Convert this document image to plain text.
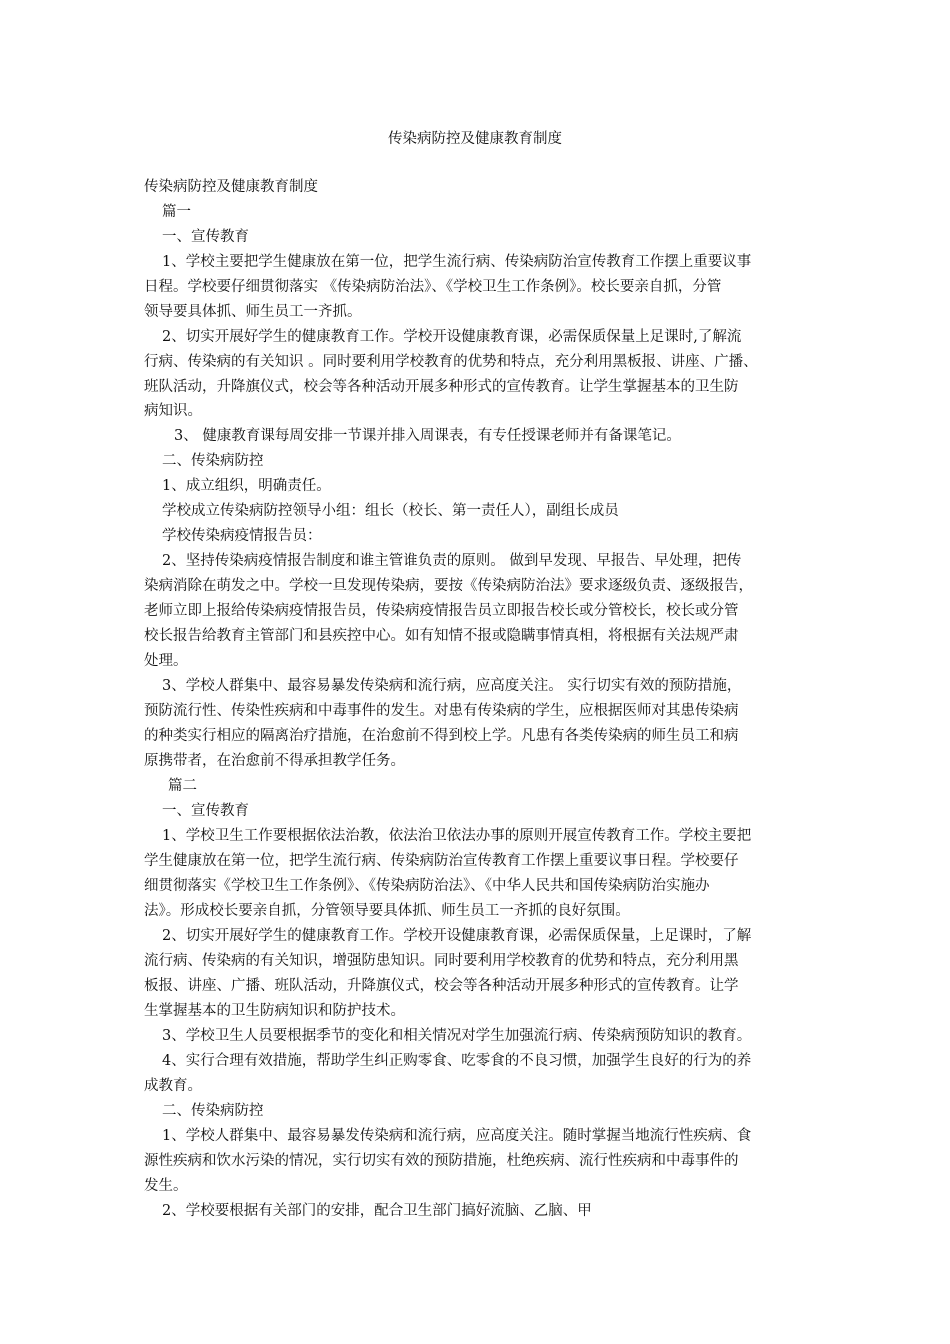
传染病防控及健康教育制度
传染病防控及健康教育制度
篇一
一、宣传教育
1、学校主要把学生健康放在第一位，把学生流行病、传染病防治宣传教育工作摆上重要议事
日程。学校要仔细贯彻落实 《传染病防治法》、《学校卫生工作条例》。校长要亲自抓，分管
领导要具体抓、师生员工一齐抓。
2、切实开展好学生的健康教育工作。学校开设健康教育课，必需保质保量上足课时,了解流
行病、传染病的有关知识 。同时要利用学校教育的优势和特点，充分利用黑板报、讲座、广播、
班队活动，升降旗仪式，校会等各种活动开展多种形式的宣传教育。让学生掌握基本的卫生防
病知识。
3、 健康教育课每周安排一节课并排入周课表，有专任授课老师并有备课笔记。
二、传染病防控
1、成立组织，明确责任。
学校成立传染病防控领导小组：组长（校长、第一责任人），副组长成员
学校传染病疫情报告员：
2、坚持传染病疫情报告制度和谁主管谁负责的原则。 做到早发现、早报告、早处理，把传
染病消除在萌发之中。学校一旦发现传染病，要按《传染病防治法》要求逐级负责、逐级报告，
老师立即上报给传染病疫情报告员，传染病疫情报告员立即报告校长或分管校长，校长或分管
校长报告给教育主管部门和县疾控中心。如有知情不报或隐瞒事情真相，将根据有关法规严肃
处理。
3、学校人群集中、最容易暴发传染病和流行病，应高度关注。 实行切实有效的预防措施，
预防流行性、传染性疾病和中毒事件的发生。对患有传染病的学生，应根据医师对其患传染病
的种类实行相应的隔离治疗措施，在治愈前不得到校上学。凡患有各类传染病的师生员工和病
原携带者，在治愈前不得承担教学任务。
篇二
一、宣传教育
1、学校卫生工作要根据依法治教，依法治卫依法办事的原则开展宣传教育工作。学校主要把
学生健康放在第一位，把学生流行病、传染病防治宣传教育工作摆上重要议事日程。学校要仔
细贯彻落实《学校卫生工作条例》、《传染病防治法》、《中华人民共和国传染病防治实施办
法》。形成校长要亲自抓，分管领导要具体抓、师生员工一齐抓的良好氛围。
2、切实开展好学生的健康教育工作。学校开设健康教育课，必需保质保量，上足课时，了解
流行病、传染病的有关知识，增强防患知识。同时要利用学校教育的优势和特点，充分利用黑
板报、讲座、广播、班队活动，升降旗仪式，校会等各种活动开展多种形式的宣传教育。让学
生掌握基本的卫生防病知识和防护技术。
3、学校卫生人员要根据季节的变化和相关情况对学生加强流行病、传染病预防知识的教育。
4、实行合理有效措施，帮助学生纠正购零食、吃零食的不良习惯，加强学生良好的行为的养
成教育。
二、传染病防控
1、学校人群集中、最容易暴发传染病和流行病，应高度关注。随时掌握当地流行性疾病、食
源性疾病和饮水污染的情况，实行切实有效的预防措施，杜绝疾病、流行性疾病和中毒事件的
发生。
2、学校要根据有关部门的安排，配合卫生部门搞好流脑、乙脑、甲
